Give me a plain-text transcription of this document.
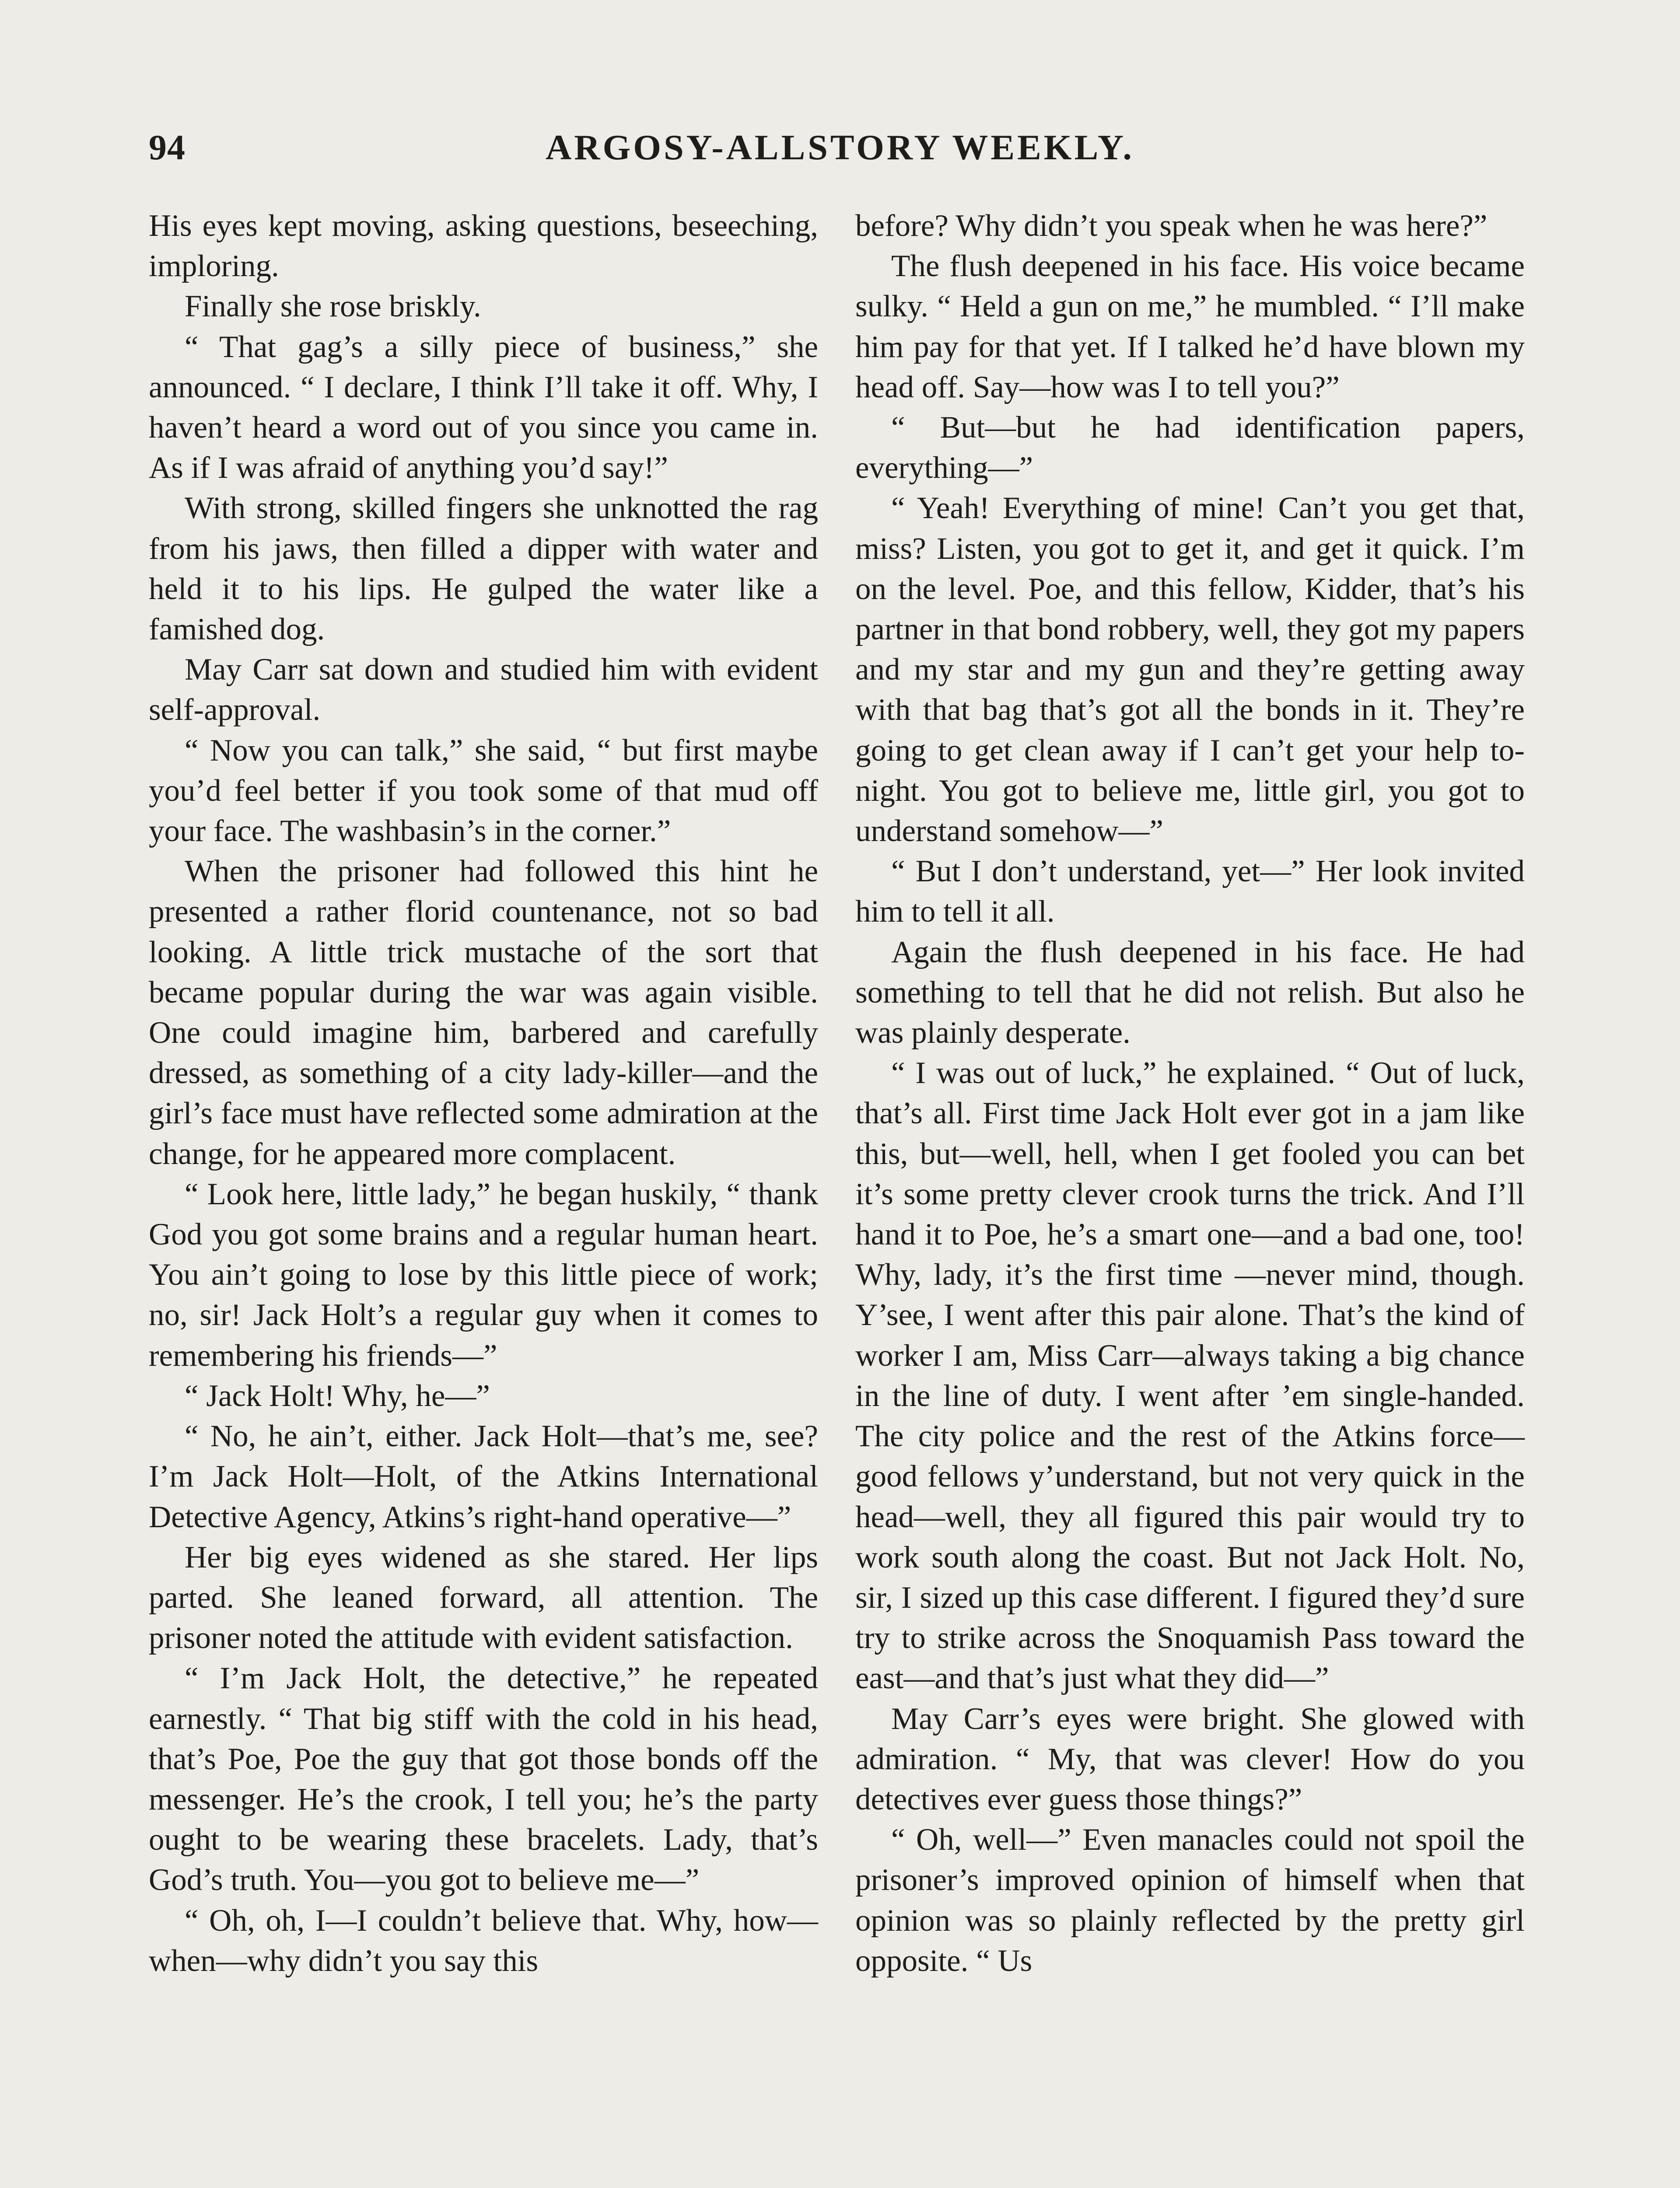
94	ARGOSY-ALLSTORY WEEKLY.

His eyes kept moving, asking questions, beseeching, imploring.

Finally she rose briskly.

“ That gag’s a silly piece of business,” she announced. “ I declare, I think I’ll take it off. Why, I haven’t heard a word out of you since you came in. As if I was afraid of anything you’d say!”

With strong, skilled fingers she unknotted the rag from his jaws, then filled a dipper with water and held it to his lips. He gulped the water like a famished dog.

May Carr sat down and studied him with evident self-approval.

“ Now you can talk,” she said, “ but first maybe you’d feel better if you took some of that mud off your face. The washbasin’s in the corner.”

When the prisoner had followed this hint he presented a rather florid countenance, not so bad looking. A little trick mustache of the sort that became popular during the war was again visible. One could imagine him, barbered and carefully dressed, as something of a city lady-killer—and the girl’s face must have reflected some admiration at the change, for he appeared more complacent.

“ Look here, little lady,” he began huskily, “ thank God you got some brains and a regular human heart. You ain’t going to lose by this little piece of work; no, sir! Jack Holt’s a regular guy when it comes to remembering his friends—”

“ Jack Holt! Why, he—”

“ No, he ain’t, either. Jack Holt—that’s me, see? I’m Jack Holt—Holt, of the Atkins International Detective Agency, Atkins’s right-hand operative—”

Her big eyes widened as she stared. Her lips parted. She leaned forward, all attention. The prisoner noted the attitude with evident satisfaction.

“ I’m Jack Holt, the detective,” he repeated earnestly. “ That big stiff with the cold in his head, that’s Poe, Poe the guy that got those bonds off the messenger. He’s the crook, I tell you; he’s the party ought to be wearing these bracelets. Lady, that’s God’s truth. You—you got to believe me—”

“ Oh, oh, I—I couldn’t believe that. Why, how—when—why didn’t you say this

before? Why didn’t you speak when he was here?”

The flush deepened in his face. His voice became sulky. “ Held a gun on me,” he mumbled. “ I’ll make him pay for that yet. If I talked he’d have blown my head off. Say—how was I to tell you?”

“ But—but he had identification papers, everything—”

“ Yeah! Everything of mine! Can’t you get that, miss? Listen, you got to get it, and get it quick. I’m on the level. Poe, and this fellow, Kidder, that’s his partner in that bond robbery, well, they got my papers and my star and my gun and they’re getting away with that bag that’s got all the bonds in it. They’re going to get clean away if I can’t get your help to-night. You got to believe me, little girl, you got to understand somehow—”

“ But I don’t understand, yet—” Her look invited him to tell it all.

Again the flush deepened in his face. He had something to tell that he did not relish. But also he was plainly desperate.

“ I was out of luck,” he explained. “ Out of luck, that’s all. First time Jack Holt ever got in a jam like this, but—well, hell, when I get fooled you can bet it’s some pretty clever crook turns the trick. And I’ll hand it to Poe, he’s a smart one—and a bad one, too! Why, lady, it’s the first time —never mind, though. Y’see, I went after this pair alone. That’s the kind of worker I am, Miss Carr—always taking a big chance in the line of duty. I went after ’em single-handed. The city police and the rest of the Atkins force—good fellows y’understand, but not very quick in the head—well, they all figured this pair would try to work south along the coast. But not Jack Holt. No, sir, I sized up this case different. I figured they’d sure try to strike across the Snoquamish Pass toward the east—and that’s just what they did—”

May Carr’s eyes were bright. She glowed with admiration. “ My, that was clever! How do you detectives ever guess those things?”

“ Oh, well—” Even manacles could not spoil the prisoner’s improved opinion of himself when that opinion was so plainly reflected by the pretty girl opposite. “ Us
